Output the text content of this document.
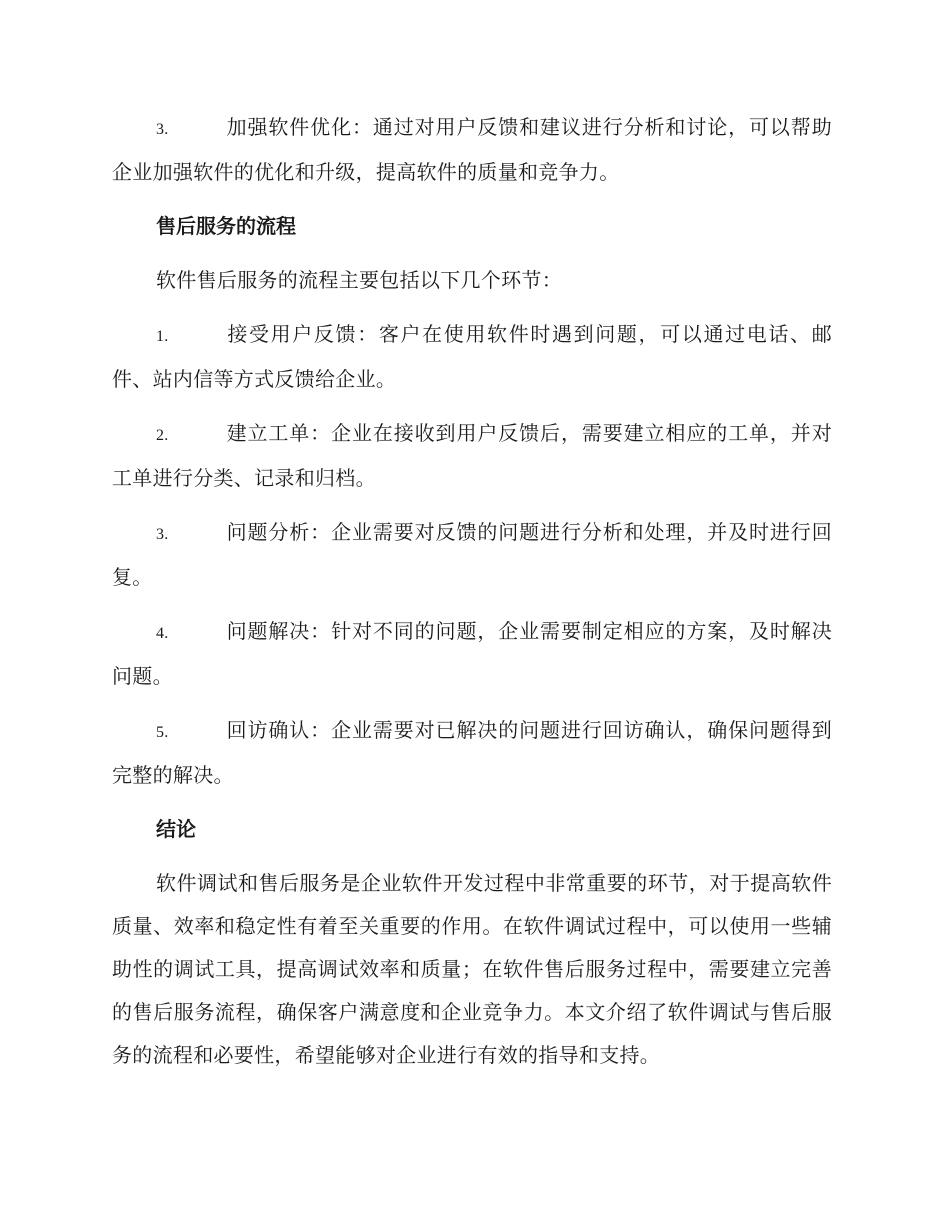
3.	加强软件优化：通过对用户反馈和建议进行分析和讨论，可以帮助企业加强软件的优化和升级，提高软件的质量和竞争力。

售后服务的流程

软件售后服务的流程主要包括以下几个环节：

1.	接受用户反馈：客户在使用软件时遇到问题，可以通过电话、邮件、站内信等方式反馈给企业。

2.	建立工单：企业在接收到用户反馈后，需要建立相应的工单，并对工单进行分类、记录和归档。

3.	问题分析：企业需要对反馈的问题进行分析和处理，并及时进行回复。

4.	问题解决：针对不同的问题，企业需要制定相应的方案，及时解决问题。

5.	回访确认：企业需要对已解决的问题进行回访确认，确保问题得到完整的解决。

结论

软件调试和售后服务是企业软件开发过程中非常重要的环节，对于提高软件质量、效率和稳定性有着至关重要的作用。在软件调试过程中，可以使用一些辅助性的调试工具，提高调试效率和质量；在软件售后服务过程中，需要建立完善的售后服务流程，确保客户满意度和企业竞争力。本文介绍了软件调试与售后服务的流程和必要性，希望能够对企业进行有效的指导和支持。
